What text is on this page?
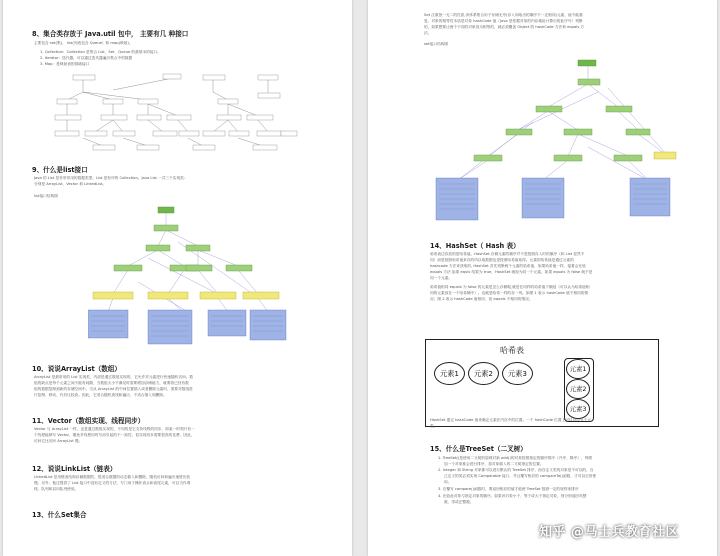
8、集合类存放于 Java.util 包中， 主要有几 种接口
主要包含 set(集)、 list(列表包含 Queue）和 map(映射)。
1. Collection：Collection 是集合 List、Set、Queue 的最基本的接口。
2. Iterator：迭代器，可以通过迭代器遍历集合中的数据
3. Map：是映射表的基础接口
9、什么是list接口
Java 的 List 是非常常用的数据类型。List 是有序的 Collection。Java List 一共三个实现类：
分别是 ArrayList、Vector 和 LinkedList。
list接口结构图
10、说说ArrayList（数组）
ArrayList 是最常用的 List 实现类，内部是通过数组实现的，它允许对元素进行快速随机访问。数
组的缺点是每个元素之间不能有间隔，当数组大小不满足时需要增加存储能力，就要将已经有数
组的数据复制到新的存储空间中。当从 ArrayList 的中间位置插入或者删除元素时，需要对数组进
行复制、移动，代价比较高。因此，它适合随机查找和遍历，不适合插入和删除。
11、Vector（数组实现、线程同步）
Vector 与 ArrayList 一样，也是通过数组实现的，不同的是它支持线程的同步，即某一时刻只有一
个线程能够写 Vector，避免多线程同时写而引起的不一致性，但实现同步需要很高的花费，因此，
访问它比访问 ArrayList 慢。
12、说说LinkList（链表）
LinkedList 是用链表结构存储数据的，很适合数据的动态插入和删除，随机访问和遍历速度比较
慢。另外，他还提供了 List 接口中没有定义的方法，专门用于操作表头和表尾元素，可以当作堆
栈、队列和双向队列使用。
13、什么Set集合
Set 注重独一无二的性质,该体系集合用于存储无序(存入和取出的顺序不一定相同)元素，值不能重
复。对象的相等性本质是对象 hashCode 值（java 是依据对象的内存地址计算出的此序号）判断
的，如果想要让两个不同的对象视为相等的，就必须覆盖 Object 的 hashCode 方法和 equals 方
法。
set接口结构图
14、HashSet（ Hash 表）
哈希表边存放的是哈希值。HashSet 存储元素的顺序并不是按照存入时的顺序（和 List 显然不
同）而是按照哈希值来存的所以取数据也是按照哈希值取得。元素的哈希值是通过元素的
hashcode 方法来获取的, HashSet 首先判断两个元素的哈希值，如果哈希值一样，接着会比较
equals 方法 如果 equls 结果为 true，HashSet 就视为同一个元素。如果 equals 为 false 就不是
同一个元素。
哈希值相同 equals 为 false 的元素是怎么存储呢,就是在同样的哈希值下顺延（可以认为哈希值相
同的元素放在一个哈希桶中）。也就是哈希一样的存一列。如图 1 表示 hashCode 值不相同的情
况；图 2 表示 hashCode 值相同，但 equals 不相同的情况。
哈希表
元素1	元素2	元素3	元素1
元素2
元素3
HashSet 通过 hashCode 值来确定元素在内存中的位置。一个 hashCode 位置上可以存放多个元
素。
15、什么是TreeSet（二叉树）
1. TreeSet()是使用二叉树的原理对新 add()的对象按照指定的顺序排序（升序、降序），每增
加一个对象都会进行排序，将对象插入的二叉树指定的位置。
2. Integer 和 String 对象都可以进行默认的 TreeSet 排序，而自定义类的对象是不可以的，自
己定义的类必须实现 Comparable 接口，并且覆写相应的 compareTo()函数，才可以正常使
用。
3. 在覆写 compare()函数时，要返回相应的值才能使 TreeSet 按照一定的规则来排序
4. 比较此对象与指定对象的顺序。如果该对象小于、等于或大于指定对象，则分别返回负整
数、零或正整数。
知乎 @马士兵教育社区
